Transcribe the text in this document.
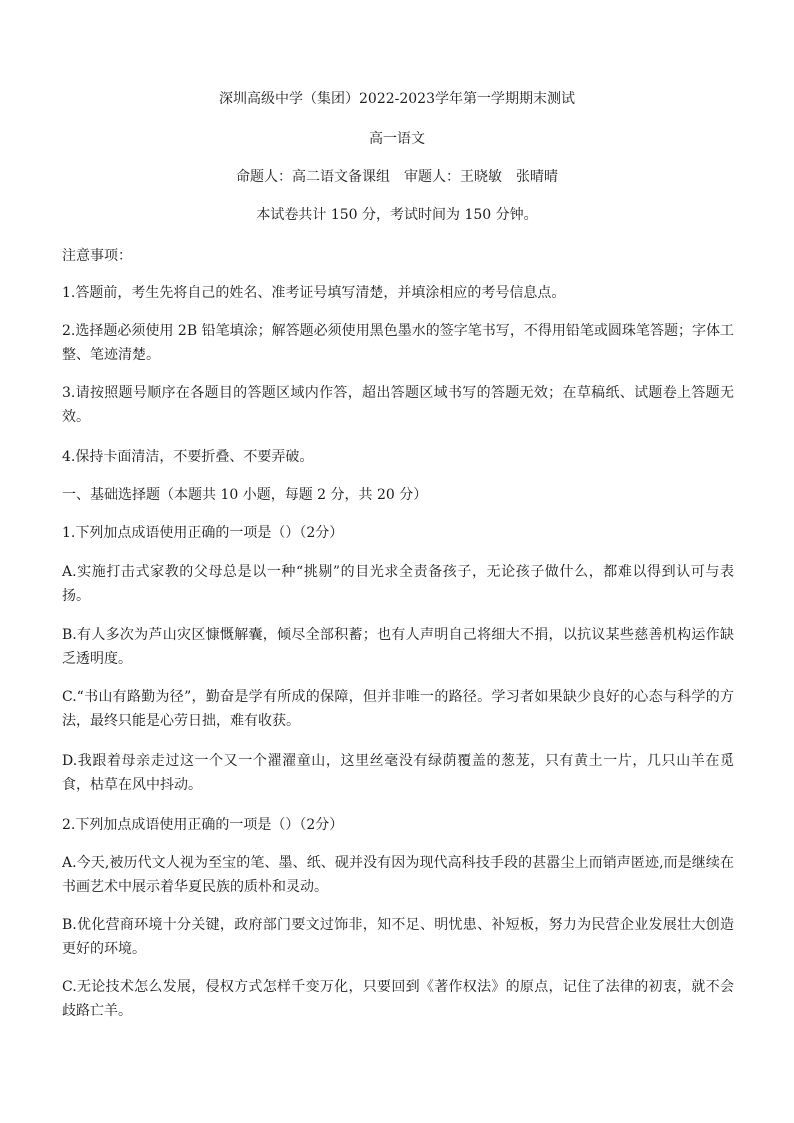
深圳高级中学（集团）2022-2023学年第一学期期末测试
高一语文
命题人：高二语文备课组　审题人：王晓敏　张晴晴
本试卷共计 150 分，考试时间为 150 分钟。
注意事项：
1.答题前，考生先将自己的姓名、准考证号填写清楚，并填涂相应的考号信息点。
2.选择题必须使用 2B 铅笔填涂；解答题必须使用黑色墨水的签字笔书写，不得用铅笔或圆珠笔答题；字体工整、笔迹清楚。
3.请按照题号顺序在各题目的答题区域内作答，超出答题区域书写的答题无效；在草稿纸、试题卷上答题无效。
4.保持卡面清洁，不要折叠、不要弄破。
一、基础选择题（本题共 10 小题，每题 2 分，共 20 分）
1.下列加点成语使用正确的一项是（）（2分）
A.实施打击式家教的父母总是以一种“挑剔”的目光求全责备孩子，无论孩子做什么，都难以得到认可与表扬。
B.有人多次为芦山灾区慷慨解囊，倾尽全部积蓄；也有人声明自己将细大不捐，以抗议某些慈善机构运作缺乏透明度。
C.“书山有路勤为径”，勤奋是学有所成的保障，但并非唯一的路径。学习者如果缺少良好的心态与科学的方法，最终只能是心劳日拙，难有收获。
D.我跟着母亲走过这一个又一个濯濯童山，这里丝毫没有绿荫覆盖的葱茏，只有黄土一片，几只山羊在觅食，枯草在风中抖动。
2.下列加点成语使用正确的一项是（）（2分）
A.今天,被历代文人视为至宝的笔、墨、纸、砚并没有因为现代高科技手段的甚嚣尘上而销声匿迹,而是继续在书画艺术中展示着华夏民族的质朴和灵动。
B.优化营商环境十分关键，政府部门要文过饰非，知不足、明忧患、补短板，努力为民营企业发展壮大创造更好的环境。
C.无论技术怎么发展，侵权方式怎样千变万化，只要回到《著作权法》的原点，记住了法律的初衷，就不会歧路亡羊。
